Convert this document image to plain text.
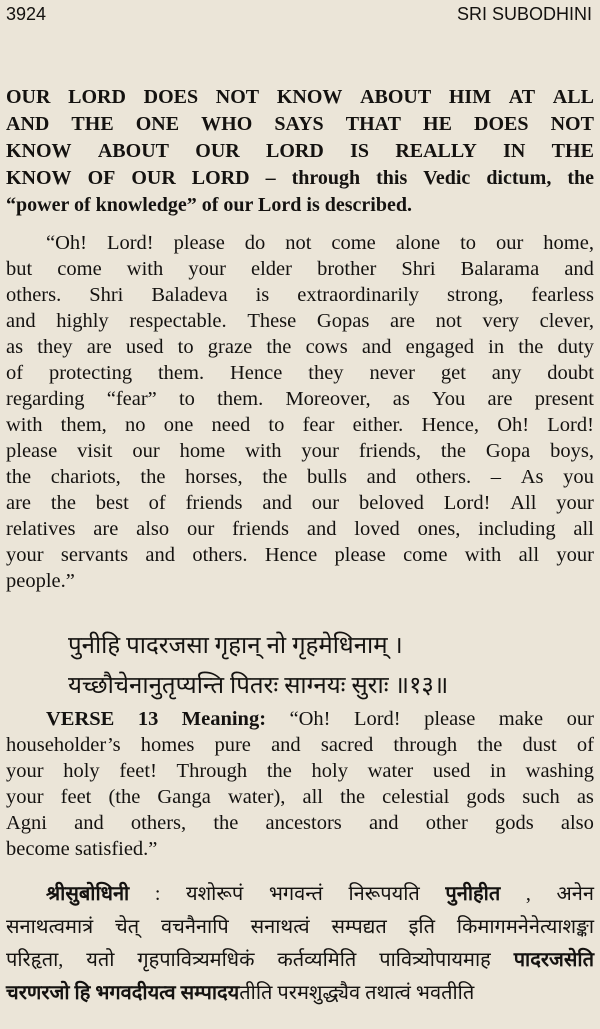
3924	SRI SUBODHINI
OUR LORD DOES NOT KNOW ABOUT HIM AT ALL
AND THE ONE WHO SAYS THAT HE DOES NOT
KNOW ABOUT OUR LORD IS REALLY IN THE
KNOW OF OUR LORD – through this Vedic dictum, the
“power of knowledge” of our Lord is described.
“Oh! Lord! please do not come alone to our home,
but come with your elder brother Shri Balarama and
others. Shri Baladeva is extraordinarily strong, fearless
and highly respectable. These Gopas are not very clever,
as they are used to graze the cows and engaged in the duty
of protecting them. Hence they never get any doubt
regarding “fear” to them. Moreover, as You are present
with them, no one need to fear either. Hence, Oh! Lord!
please visit our home with your friends, the Gopa boys,
the chariots, the horses, the bulls and others. – As you
are the best of friends and our beloved Lord! All your
relatives are also our friends and loved ones, including all
your servants and others. Hence please come with all your
people.”
पुनीहि पादरजसा गृहान् नो गृहमेधिनाम् ।
यच्छौचेनानुतृप्यन्ति पितरः साग्नयः सुराः ॥१३॥
VERSE 13 Meaning: “Oh! Lord! please make our
householder’s homes pure and sacred through the dust of
your holy feet! Through the holy water used in washing
your feet (the Ganga water), all the celestial gods such as
Agni and others, the ancestors and other gods also
become satisfied.”
श्रीसुबोधिनी : यशोरूपं भगवन्तं निरूपयति पुनीहीत , अनेन
सनाथत्वमात्रं चेत् वचनैनापि सनाथत्वं सम्पद्यत इति किमागमनेनेत्याशङ्का
परिहृता, यतो गृहपावित्र्यमधिकं कर्तव्यमिति पावित्र्योपायमाह पादरजसेति
चरणरजो हि भगवदीयत्व सम्पादय तीति परमशुद्ध्यैव तथात्वं भवतीति
